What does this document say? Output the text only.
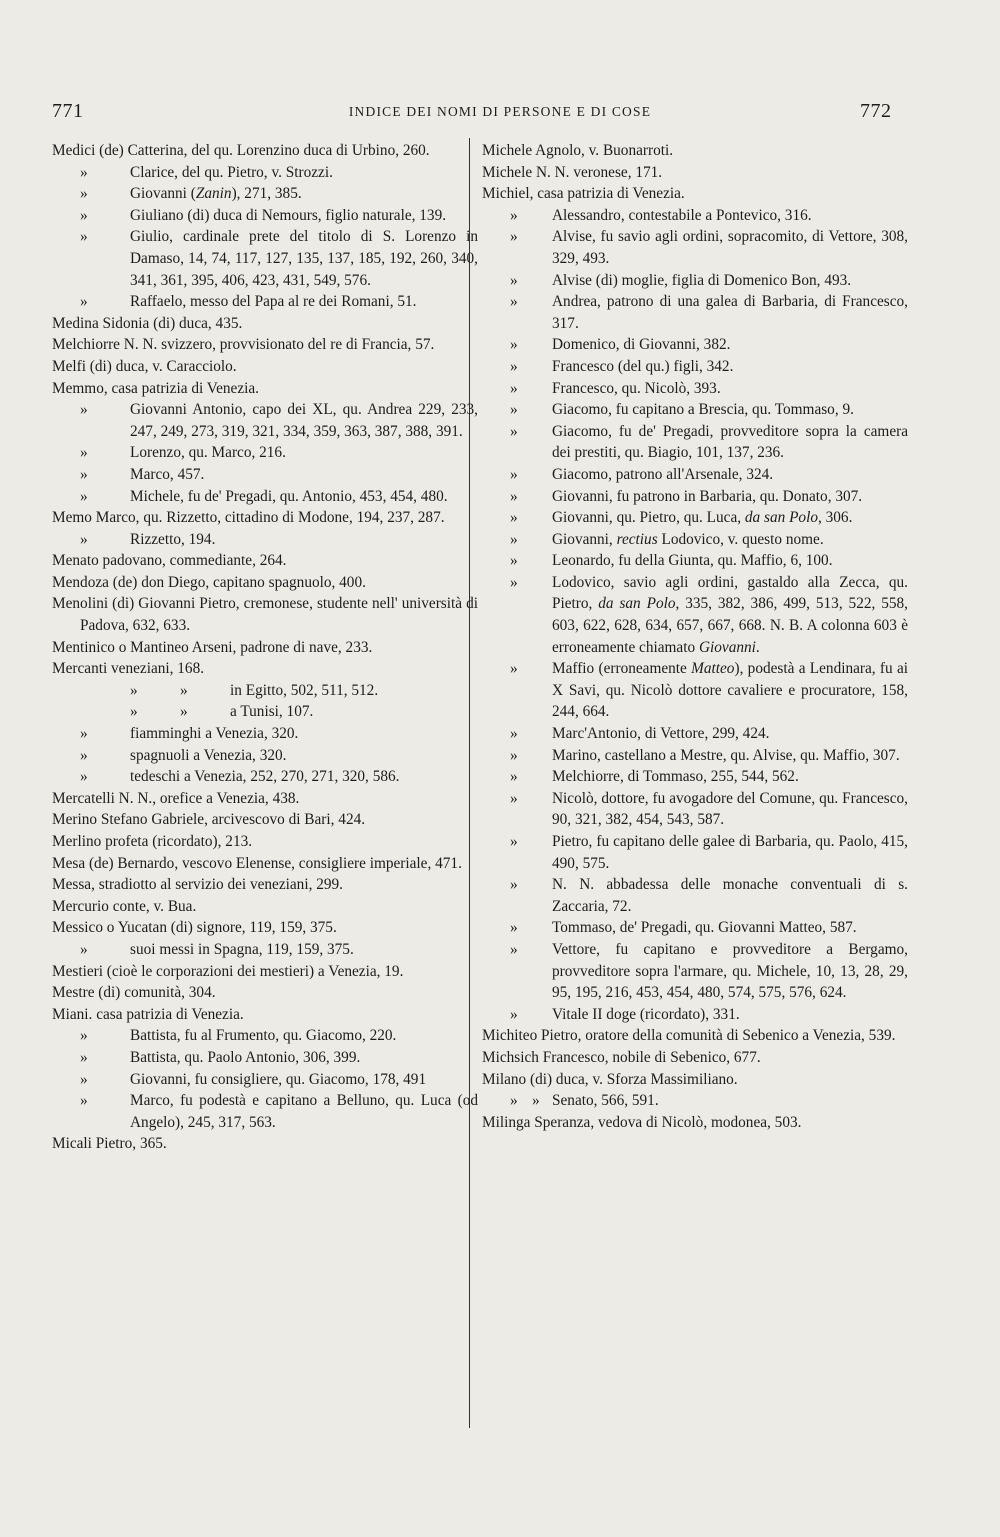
771	INDICE DEI NOMI DI PERSONE E DI COSE	772
Medici (de) Catterina, del qu. Lorenzino duca di Urbino, 260.
»	Clarice, del qu. Pietro, v. Strozzi.
»	Giovanni (Zanin), 271, 385.
»	Giuliano (di) duca di Nemours, figlio naturale, 139.
»	Giulio, cardinale prete del titolo di S. Lorenzo in Damaso, 14, 74, 117, 127, 135, 137, 185, 192, 260, 340, 341, 361, 395, 406, 423, 431, 549, 576.
»	Raffaelo, messo del Papa al re dei Romani, 51.
Medina Sidonia (di) duca, 435.
Melchiorre N. N. svizzero, provvisionato del re di Francia, 57.
Melfi (di) duca, v. Caracciolo.
Memmo, casa patrizia di Venezia.
»	Giovanni Antonio, capo dei XL, qu. Andrea 229, 233, 247, 249, 273, 319, 321, 334, 359, 363, 387, 388, 391.
»	Lorenzo, qu. Marco, 216.
»	Marco, 457.
»	Michele, fu de' Pregadi, qu. Antonio, 453, 454, 480.
Memo Marco, qu. Rizzetto, cittadino di Modone, 194, 237, 287.
»	Rizzetto, 194.
Menato padovano, commediante, 264.
Mendoza (de) don Diego, capitano spagnuolo, 400.
Menolini (di) Giovanni Pietro, cremonese, studente nell' università di Padova, 632, 633.
Mentinico o Mantineo Arseni, padrone di nave, 233.
Mercanti veneziani, 168.
»	»	in Egitto, 502, 511, 512.
»	»	a Tunisi, 107.
»	fiamminghi a Venezia, 320.
»	spagnuoli a Venezia, 320.
»	tedeschi a Venezia, 252, 270, 271, 320, 586.
Mercatelli N. N., orefice a Venezia, 438.
Merino Stefano Gabriele, arcivescovo di Bari, 424.
Merlino profeta (ricordato), 213.
Mesa (de) Bernardo, vescovo Elenense, consigliere imperiale, 471.
Messa, stradiotto al servizio dei veneziani, 299.
Mercurio conte, v. Bua.
Messico o Yucatan (di) signore, 119, 159, 375.
»	suoi messi in Spagna, 119, 159, 375.
Mestieri (cioè le corporazioni dei mestieri) a Venezia, 19.
Mestre (di) comunità, 304.
Miani. casa patrizia di Venezia.
»	Battista, fu al Frumento, qu. Giacomo, 220.
»	Battista, qu. Paolo Antonio, 306, 399.
»	Giovanni, fu consigliere, qu. Giacomo, 178, 491
»	Marco, fu podestà e capitano a Belluno, qu. Luca (od Angelo), 245, 317, 563.
Micali Pietro, 365.
Michele Agnolo, v. Buonarroti.
Michele N. N. veronese, 171.
Michiel, casa patrizia di Venezia.
» Alessandro, contestabile a Pontevico, 316.
» Alvise, fu savio agli ordini, sopracomito, di Vettore, 308, 329, 493.
» Alvise (di) moglie, figlia di Domenico Bon, 493.
» Andrea, patrono di una galea di Barbaria, di Francesco, 317.
» Domenico, di Giovanni, 382.
» Francesco (del qu.) figli, 342.
» Francesco, qu. Nicolò, 393.
» Giacomo, fu capitano a Brescia, qu. Tommaso, 9.
» Giacomo, fu de' Pregadi, provveditore sopra la camera dei prestiti, qu. Biagio, 101, 137, 236.
» Giacomo, patrono all'Arsenale, 324.
» Giovanni, fu patrono in Barbaria, qu. Donato, 307.
» Giovanni, qu. Pietro, qu. Luca, da san Polo, 306.
» Giovanni, rectius Lodovico, v. questo nome.
» Leonardo, fu della Giunta, qu. Maffio, 6, 100.
» Lodovico, savio agli ordini, gastaldo alla Zecca, qu. Pietro, da san Polo, 335, 382, 386, 499, 513, 522, 558, 603, 622, 628, 634, 657, 667, 668. N. B. A colonna 603 è erroneamente chiamato Giovanni.
» Maffio (erroneamente Matteo), podestà a Lendinara, fu ai X Savi, qu. Nicolò dottore cavaliere e procuratore, 158, 244, 664.
» Marc'Antonio, di Vettore, 299, 424.
» Marino, castellano a Mestre, qu. Alvise, qu. Maffio, 307.
» Melchiorre, di Tommaso, 255, 544, 562.
» Nicolò, dottore, fu avogadore del Comune, qu. Francesco, 90, 321, 382, 454, 543, 587.
» Pietro, fu capitano delle galee di Barbaria, qu. Paolo, 415, 490, 575.
» N. N. abbadessa delle monache conventuali di s. Zaccaria, 72.
» Tommaso, de' Pregadi, qu. Giovanni Matteo, 587.
» Vettore, fu capitano e provveditore a Bergamo, provveditore sopra l'armare, qu. Michele, 10, 13, 28, 29, 95, 195, 216, 453, 454, 480, 574, 575, 576, 624.
» Vitale II doge (ricordato), 331.
Michiteo Pietro, oratore della comunità di Sebenico a Venezia, 539.
Michsich Francesco, nobile di Sebenico, 677.
Milano (di) duca, v. Sforza Massimiliano.
» » Senato, 566, 591.
Milinga Speranza, vedova di Nicolò, modonea, 503.
